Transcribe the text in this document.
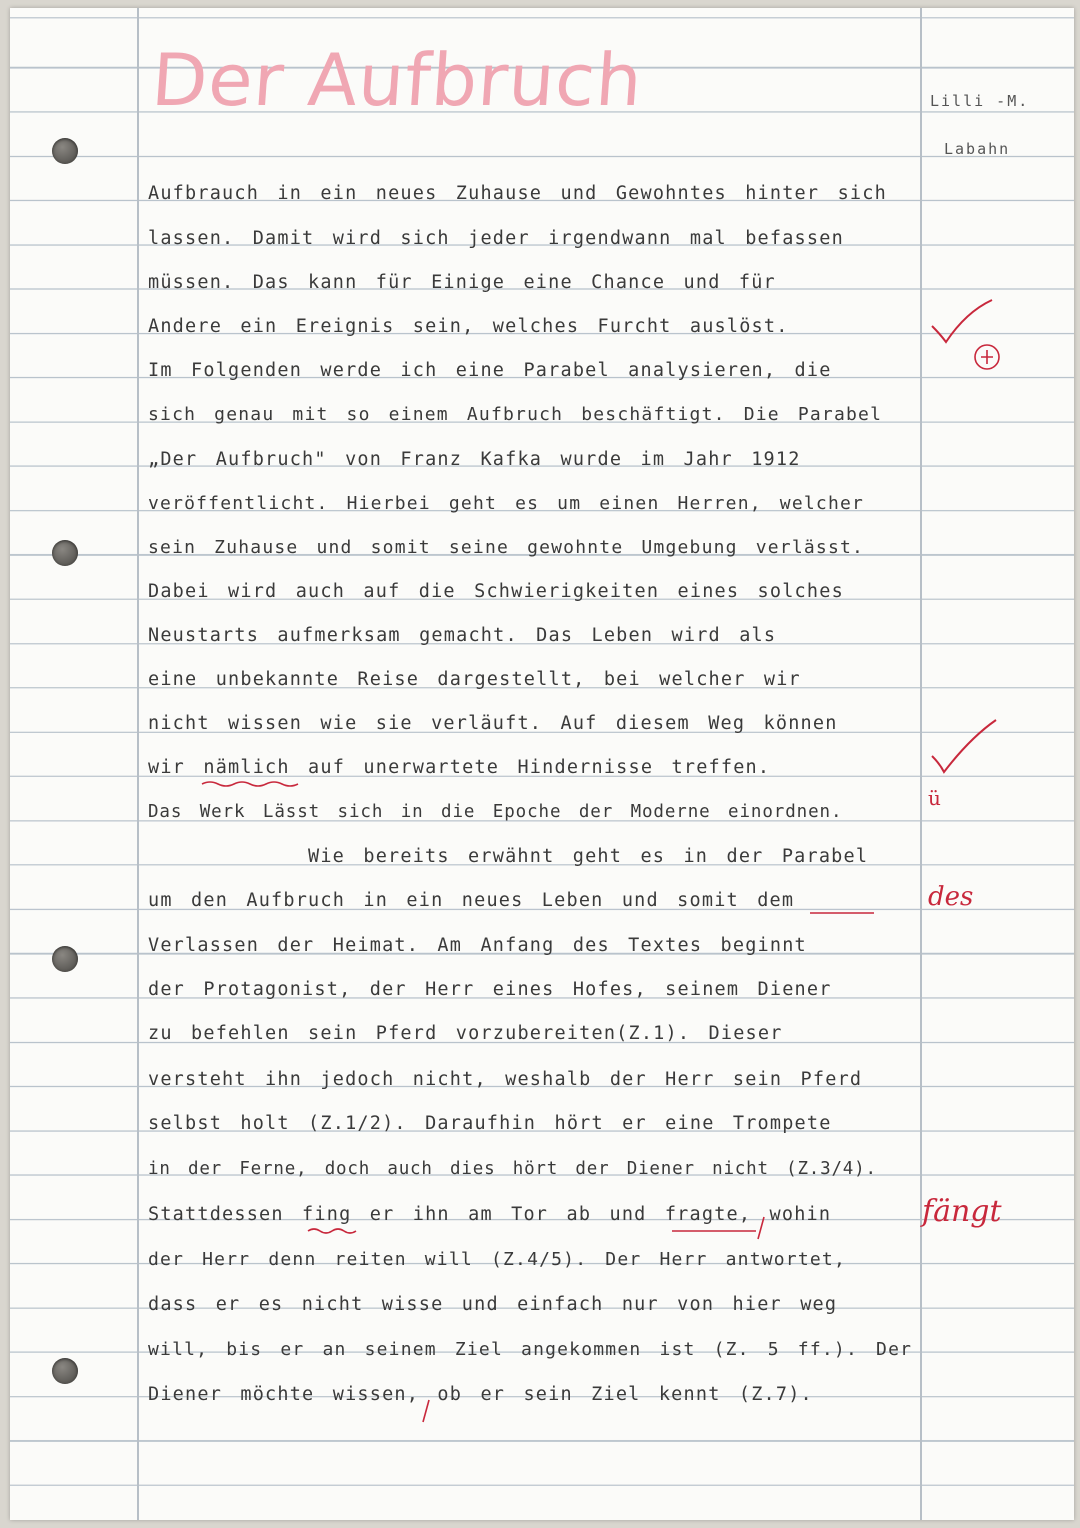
Der Aufbruch	Lilli -M.
Labahn
Aufbrauch in ein neues Zuhause und Gewohntes hinter sich
lassen. Damit wird sich jeder irgendwann mal befassen
müssen. Das kann für Einige eine Chance und für
Andere ein Ereignis sein, welches Furcht auslöst.
Im Folgenden werde ich eine Parabel analysieren, die
sich genau mit so einem Aufbruch beschäftigt. Die Parabel
„Der Aufbruch" von Franz Kafka wurde im Jahr 1912
veröffentlicht. Hierbei geht es um einen Herren, welcher
sein Zuhause und somit seine gewohnte Umgebung verlässt.
Dabei wird auch auf die Schwierigkeiten eines solches
Neustarts aufmerksam gemacht. Das Leben wird als
eine unbekannte Reise dargestellt, bei welcher wir
nicht wissen wie sie verläuft. Auf diesem Weg können
wir nämlich auf unerwartete Hindernisse treffen.
Das Werk Lässt sich in die Epoche der Moderne einordnen.
Wie bereits erwähnt geht es in der Parabel
um den Aufbruch in ein neues Leben und somit dem
Verlassen der Heimat. Am Anfang des Textes beginnt
der Protagonist, der Herr eines Hofes, seinem Diener
zu befehlen sein Pferd vorzubereiten(Z.1). Dieser
versteht ihn jedoch nicht, weshalb der Herr sein Pferd
selbst holt (Z.1/2). Daraufhin hört er eine Trompete
in der Ferne, doch auch dies hört der Diener nicht (Z.3/4).
Stattdessen fing er ihn am Tor ab und fragte, wohin
der Herr denn reiten will (Z.4/5). Der Herr antwortet,
dass er es nicht wisse und einfach nur von hier weg
will, bis er an seinem Ziel angekommen ist (Z. 5 ff.). Der
Diener möchte wissen, ob er sein Ziel kennt (Z.7).
ü
des
fängt
